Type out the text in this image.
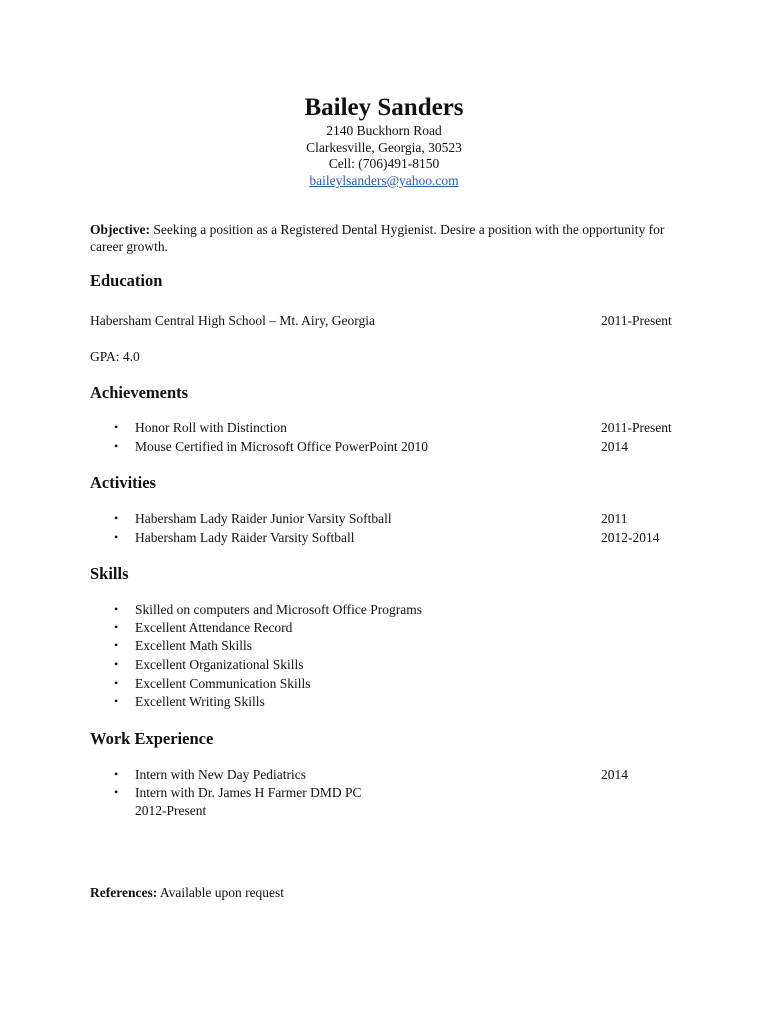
Bailey Sanders
2140 Buckhorn Road
Clarkesville, Georgia, 30523
Cell: (706)491-8150
baileylsanders@yahoo.com
Objective: Seeking a position as a Registered Dental Hygienist. Desire a position with the opportunity for career growth.
Education
Habersham Central High School – Mt. Airy, Georgia	2011-Present
GPA: 4.0
Achievements
• Honor Roll with Distinction	2011-Present
• Mouse Certified in Microsoft Office PowerPoint 2010	2014
Activities
• Habersham Lady Raider Junior Varsity Softball	2011
• Habersham Lady Raider Varsity Softball	2012-2014
Skills
• Skilled on computers and Microsoft Office Programs
• Excellent Attendance Record
• Excellent Math Skills
• Excellent Organizational Skills
• Excellent Communication Skills
• Excellent Writing Skills
Work Experience
• Intern with New Day Pediatrics	2014
• Intern with Dr. James H Farmer DMD PC
2012-Present
References: Available upon request
